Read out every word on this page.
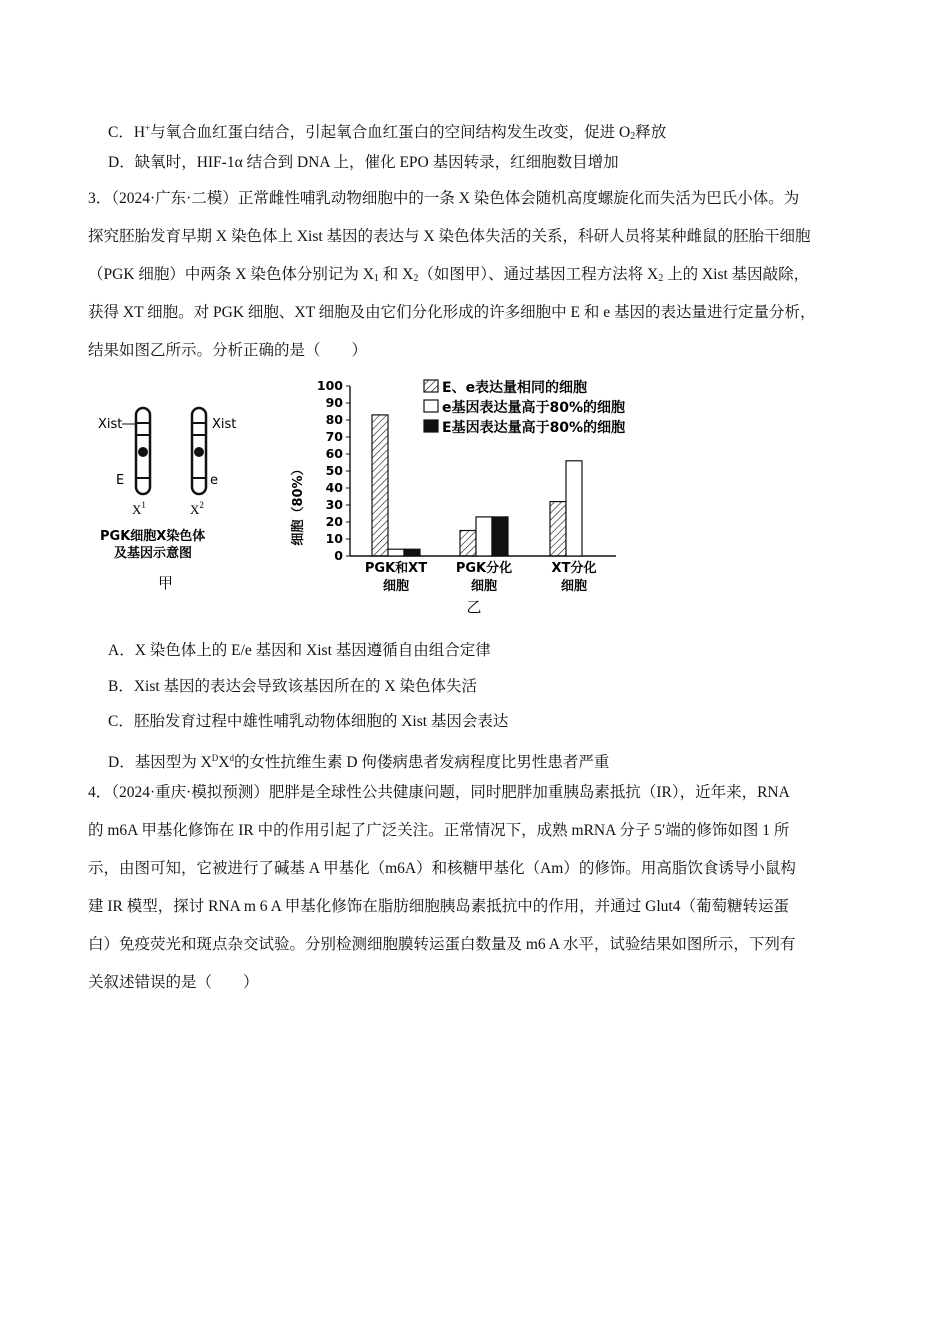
C．H+与氧合血红蛋白结合，引起氧合血红蛋白的空间结构发生改变，促进 $O_2$释放
D．缺氧时，HIF-1α 结合到 DNA 上，催化 EPO 基因转录，红细胞数目增加
3．（2024·广东·二模）正常雌性哺乳动物细胞中的一条 X 染色体会随机高度螺旋化而失活为巴氏小体。为
探究胚胎发育早期 X 染色体上 Xist 基因的表达与 X 染色体失活的关系，科研人员将某种雌鼠的胚胎干细胞
（PGK 细胞）中两条 X 染色体分别记为 $X_1$ 和 $X_2$（如图甲）、通过基因工程方法将 $X_2$ 上的 Xist 基因敲除，
获得 XT 细胞。对 PGK 细胞、XT 细胞及由它们分化形成的许多细胞中 E 和 e 基因的表达量进行定量分析，
结果如图乙所示。分析正确的是（　　）
Xist	Xist
E	e
$X^1$	$X^2$
PGK细胞X染色体
及基因示意图
甲
0
10
20
30
40
50
60
70
80
90
100
PGK和XT
细胞
PGK分化
细胞
XT分化
细胞
E、e表达量相同的细胞
e基因表达量高于80%的细胞
E基因表达量高于80%的细胞
细胞（80%）
乙
A．X 染色体上的 E/e 基因和 Xist 基因遵循自由组合定律
B．Xist 基因的表达会导致该基因所在的 X 染色体失活
C．胚胎发育过程中雄性哺乳动物体细胞的 Xist 基因会表达
D．基因型为 $X^DX^d$的女性抗维生素 D 佝偻病患者发病程度比男性患者严重
4．（2024·重庆·模拟预测）肥胖是全球性公共健康问题，同时肥胖加重胰岛素抵抗（IR），近年来，RNA
的 m6A 甲基化修饰在 IR 中的作用引起了广泛关注。正常情况下，成熟 mRNA 分子 5′端的修饰如图 1 所
示，由图可知，它被进行了碱基 A 甲基化（m6A）和核糖甲基化（Am）的修饰。用高脂饮食诱导小鼠构
建 IR 模型，探讨 RNA m 6 A 甲基化修饰在脂肪细胞胰岛素抵抗中的作用，并通过 Glut4（葡萄糖转运蛋
白）免疫荧光和斑点杂交试验。分别检测细胞膜转运蛋白数量及 m6 A 水平，试验结果如图所示，下列有
关叙述错误的是（　　）
